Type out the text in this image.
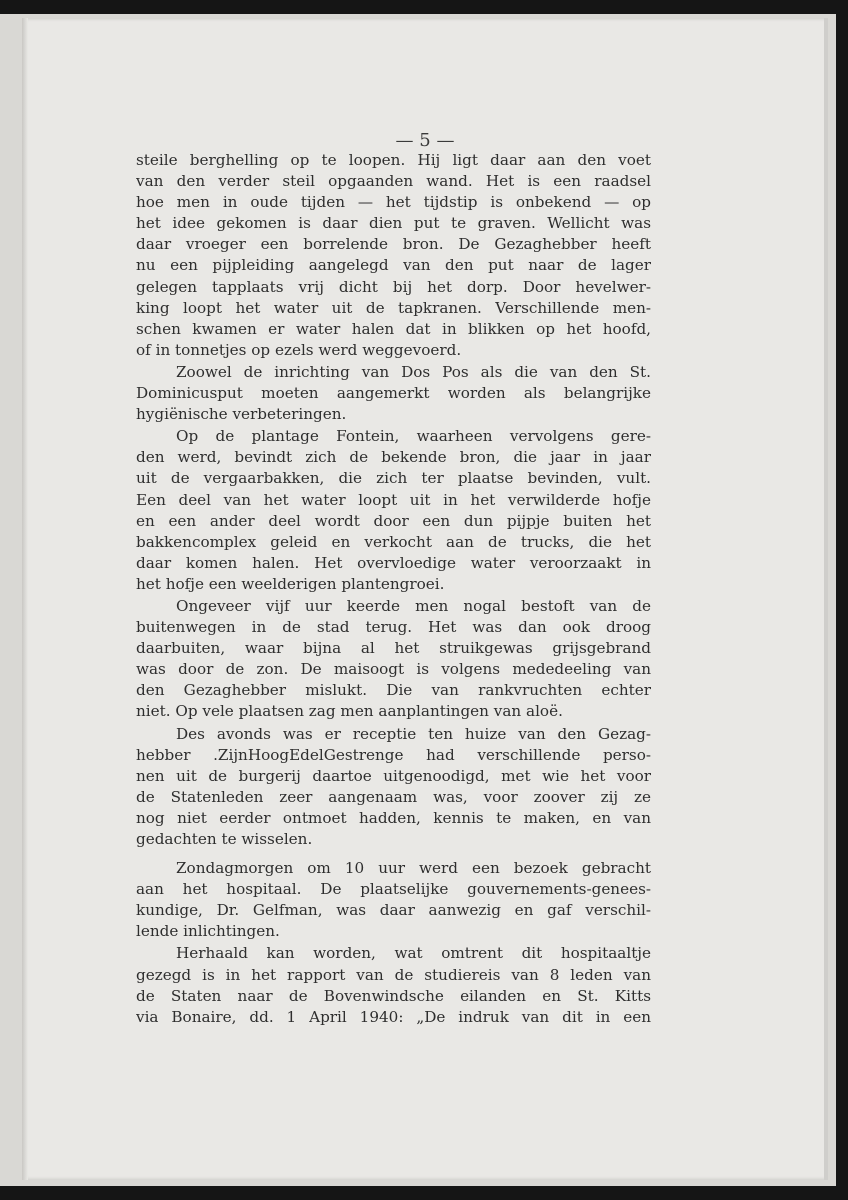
— 5 —
steile berghelling op te loopen. Hij ligt daar aan den voet
van den verder steil opgaanden wand. Het is een raadsel
hoe men in oude tijden — het tijdstip is onbekend — op
het idee gekomen is daar dien put te graven. Wellicht was
daar vroeger een borrelende bron. De Gezaghebber heeft
nu een pijpleiding aangelegd van den put naar de lager
gelegen tapplaats vrij dicht bij het dorp. Door hevelwer-
king loopt het water uit de tapkranen. Verschillende men-
schen kwamen er water halen dat in blikken op het hoofd,
of in tonnetjes op ezels werd weggevoerd.
Zoowel de inrichting van Dos Pos als die van den St.
Dominicusput moeten aangemerkt worden als belangrijke
hygiënische verbeteringen.
Op de plantage Fontein, waarheen vervolgens gere-
den werd, bevindt zich de bekende bron, die jaar in jaar
uit de vergaarbakken, die zich ter plaatse bevinden, vult.
Een deel van het water loopt uit in het verwilderde hofje
en een ander deel wordt door een dun pijpje buiten het
bakkencomplex geleid en verkocht aan de trucks, die het
daar komen halen. Het overvloedige water veroorzaakt in
het hofje een weelderigen plantengroei.
Ongeveer vijf uur keerde men nogal bestoft van de
buitenwegen in de stad terug. Het was dan ook droog
daarbuiten, waar bijna al het struikgewas grijsgebrand
was door de zon. De maisoogt is volgens mededeeling van
den Gezaghebber mislukt. Die van rankvruchten echter
niet. Op vele plaatsen zag men aanplantingen van aloë.
Des avonds was er receptie ten huize van den Gezag-
hebber .ZijnHoogEdelGestrenge had verschillende perso-
nen uit de burgerij daartoe uitgenoodigd, met wie het voor
de Statenleden zeer aangenaam was, voor zoover zij ze
nog niet eerder ontmoet hadden, kennis te maken, en van
gedachten te wisselen.
Zondagmorgen om 10 uur werd een bezoek gebracht
aan het hospitaal. De plaatselijke gouvernements-genees-
kundige, Dr. Gelfman, was daar aanwezig en gaf verschil-
lende inlichtingen.
Herhaald kan worden, wat omtrent dit hospitaaltje
gezegd is in het rapport van de studiereis van 8 leden van
de Staten naar de Bovenwindsche eilanden en St. Kitts
via Bonaire, dd. 1 April 1940: „De indruk van dit in een
